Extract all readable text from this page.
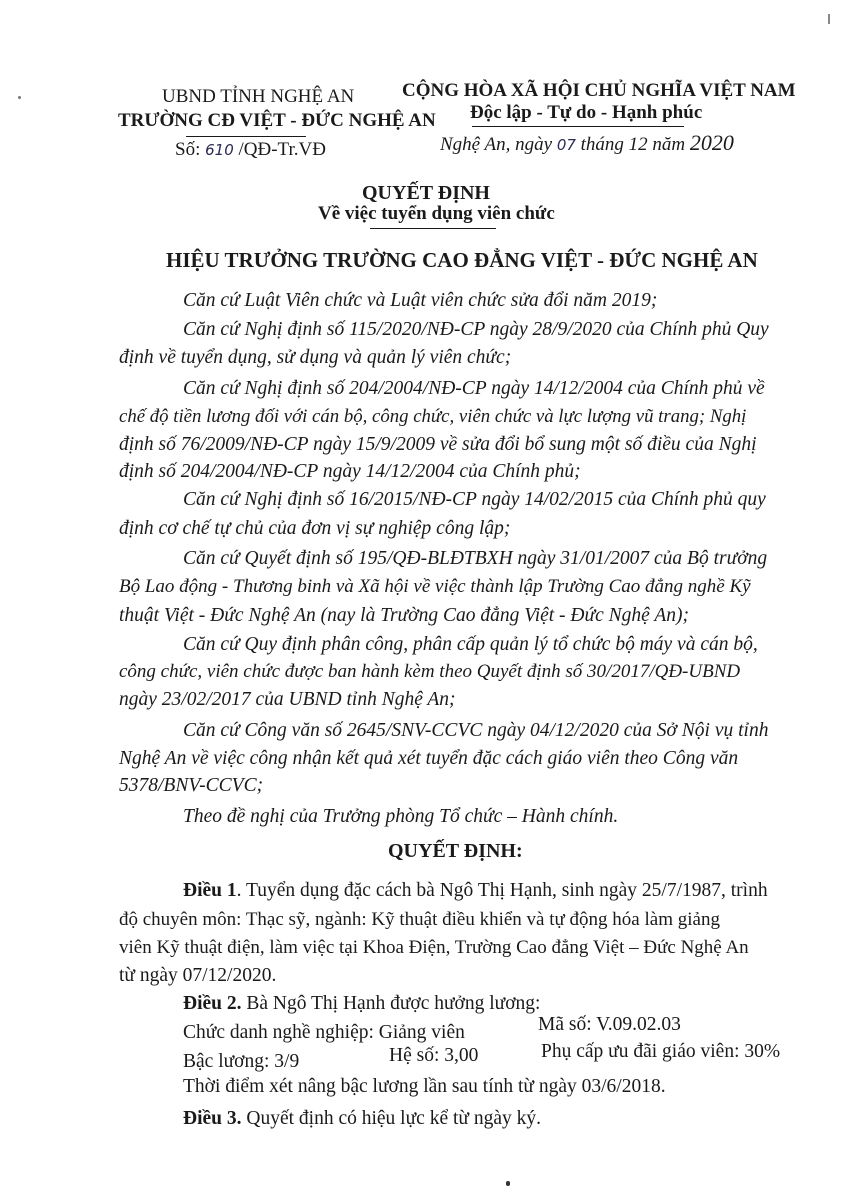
UBND TỈNH NGHỆ AN
TRƯỜNG CĐ VIỆT - ĐỨC NGHỆ AN
Số: 610 /QĐ-Tr.VĐ
CỘNG HÒA XÃ HỘI CHỦ NGHĨA VIỆT NAM
Độc lập - Tự do - Hạnh phúc
Nghệ An, ngày 07 tháng 12 năm 2020
QUYẾT ĐỊNH
Về việc tuyển dụng viên chức
HIỆU TRƯỞNG TRƯỜNG CAO ĐẲNG VIỆT - ĐỨC NGHỆ AN
Căn cứ Luật Viên chức và Luật viên chức sửa đổi năm 2019;
Căn cứ Nghị định số 115/2020/NĐ-CP ngày 28/9/2020 của Chính phủ Quy
định về tuyển dụng, sử dụng và quản lý viên chức;
Căn cứ Nghị định số 204/2004/NĐ-CP ngày 14/12/2004 của Chính phủ về
chế độ tiền lương đối với cán bộ, công chức, viên chức và lực lượng vũ trang; Nghị
định số 76/2009/NĐ-CP ngày 15/9/2009 về sửa đổi bổ sung một số điều của Nghị
định số 204/2004/NĐ-CP ngày 14/12/2004 của Chính phủ;
Căn cứ Nghị định số 16/2015/NĐ-CP ngày 14/02/2015 của Chính phủ quy
định cơ chế tự chủ của đơn vị sự nghiệp công lập;
Căn cứ Quyết định số 195/QĐ-BLĐTBXH ngày 31/01/2007 của Bộ trưởng
Bộ Lao động - Thương binh và Xã hội về việc thành lập Trường Cao đẳng nghề Kỹ
thuật Việt - Đức Nghệ An (nay là Trường Cao đẳng Việt - Đức Nghệ An);
Căn cứ Quy định phân công, phân cấp quản lý tổ chức bộ máy và cán bộ,
công chức, viên chức được ban hành kèm theo Quyết định số 30/2017/QĐ-UBND
ngày 23/02/2017 của UBND tỉnh Nghệ An;
Căn cứ Công văn số 2645/SNV-CCVC ngày 04/12/2020 của Sở Nội vụ tỉnh
Nghệ An về việc công nhận kết quả xét tuyển đặc cách giáo viên theo Công văn
5378/BNV-CCVC;
Theo đề nghị của Trưởng phòng Tổ chức – Hành chính.
QUYẾT ĐỊNH:
Điều 1. Tuyển dụng đặc cách bà Ngô Thị Hạnh, sinh ngày 25/7/1987, trình
độ chuyên môn: Thạc sỹ, ngành: Kỹ thuật điều khiển và tự động hóa làm giảng
viên Kỹ thuật điện, làm việc tại Khoa Điện, Trường Cao đẳng Việt – Đức Nghệ An
từ ngày 07/12/2020.
Điều 2. Bà Ngô Thị Hạnh được hưởng lương:
Chức danh nghề nghiệp: Giảng viên	Mã số: V.09.02.03
Bậc lương: 3/9	Hệ số: 3,00	Phụ cấp ưu đãi giáo viên: 30%
Thời điểm xét nâng bậc lương lần sau tính từ ngày 03/6/2018.
Điều 3. Quyết định có hiệu lực kể từ ngày ký.
